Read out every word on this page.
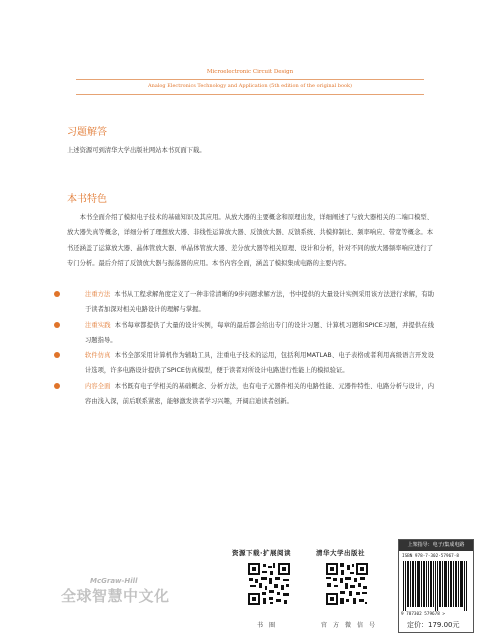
Microelectronic Circuit Design
Analog Electronics Technology and Application (5th edition of the original book)
习题解答
上述资源可到清华大学出版社网站本书页面下载。
本书特色
本书全面介绍了模拟电子技术的基础知识及其应用。从放大器的主要概念和原理出发，详细阐述了与放大器相关的二端口模型、放大器失真等概念，详细分析了理想放大器、非线性运算放大器、反馈放大器、反馈系统、共模抑制比、频率响应、带宽等概念。本书还涵盖了运算放大器、晶体管放大器、单晶体管放大器、差分放大器等相关原理、设计和分析，针对不同的放大器频率响应进行了专门分析。最后介绍了反馈放大器与振荡器的应用。本书内容全面，涵盖了模拟集成电路的主要内容。
注重方法 本书从工程求解角度定义了一种非常清晰的9步问题求解方法，书中提供的大量设计实例采用该方法进行求解，有助于读者加深对相关电路设计的理解与掌握。
注重实践 本书每章都提供了大量的设计实例，每章的最后都会给出专门的设计习题、计算机习题和SPICE习题，并提供在线习题指导。
软件仿真 本书全部采用计算机作为辅助工具，注重电子技术的运用，包括利用MATLAB、电子表格或者利用高级语言开发设计选项，许多电路设计提供了SPICE仿真模型，便于读者对所设计电路进行性能上的模拟验证。
内容全面 本书既有电子学相关的基础概念、分析方法，也有电子元器件相关的电路性能、元器件特性、电路分析与设计，内容由浅入深，前后联系紧密，能够激发读者学习兴趣，开阔启迪读者创新。
McGraw-Hill
全球智慧中文化
资源下载·扩展阅读
书圈
清华大学出版社
官方微信号
上架指导：电子/集成电路
ISBN 978-7-302-57967-8
9 787302 579678 >
定价：179.00元
